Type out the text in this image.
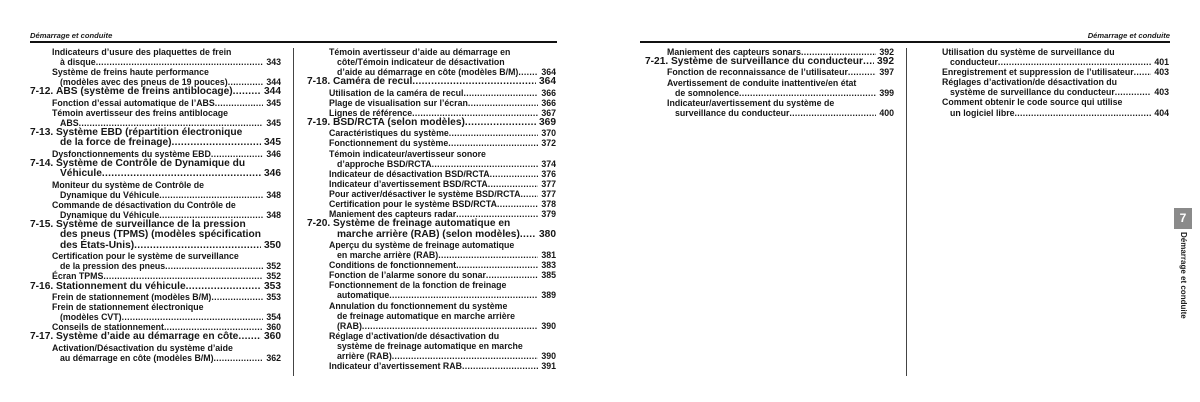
Démarrage et conduite	Démarrage et conduite
Indicateurs d’usure des plaquettes de frein
à disque .....	343
Système de freins haute performance
(modèles avec des pneus de 19 pouces) .....	344
7-12. ABS (système de freins antiblocage) .....	344
Fonction d’essai automatique de l’ABS .....	345
Témoin avertisseur des freins antiblocage
ABS .....	345
7-13. Système EBD (répartition électronique
de la force de freinage) .....	345
Dysfonctionnements du système EBD .....	346
7-14. Système de Contrôle de Dynamique du
Véhicule .....	346
Moniteur du système de Contrôle de
Dynamique du Véhicule .....	348
Commande de désactivation du Contrôle de
Dynamique du Véhicule .....	348
7-15. Système de surveillance de la pression
des pneus (TPMS) (modèles spécification
des États-Unis) .....	350
Certification pour le système de surveillance
de la pression des pneus .....	352
Écran TPMS .....	352
7-16. Stationnement du véhicule .....	353
Frein de stationnement (modèles B/M) .....	353
Frein de stationnement électronique
(modèles CVT) .....	354
Conseils de stationnement .....	360
7-17. Système d’aide au démarrage en côte .....	360
Activation/Désactivation du système d’aide
au démarrage en côte (modèles B/M) .....	362
Témoin avertisseur d’aide au démarrage en
côte/Témoin indicateur de désactivation
d’aide au démarrage en côte (modèles B/M) .....	364
7-18. Caméra de recul .....	364
Utilisation de la caméra de recul .....	366
Plage de visualisation sur l’écran .....	366
Lignes de référence .....	367
7-19. BSD/RCTA (selon modèles) .....	369
Caractéristiques du système .....	370
Fonctionnement du système .....	372
Témoin indicateur/avertisseur sonore
d’approche BSD/RCTA .....	374
Indicateur de désactivation BSD/RCTA .....	376
Indicateur d’avertissement BSD/RCTA .....	377
Pour activer/désactiver le système BSD/RCTA .....	377
Certification pour le système BSD/RCTA .....	378
Maniement des capteurs radar .....	379
7-20. Système de freinage automatique en
marche arrière (RAB) (selon modèles) ..... 380
Aperçu du système de freinage automatique
en marche arrière (RAB) .....	381
Conditions de fonctionnement .....	383
Fonction de l’alarme sonore du sonar .....	385
Fonctionnement de la fonction de freinage
automatique .....	389
Annulation du fonctionnement du système
de freinage automatique en marche arrière
(RAB) .....	390
Réglage d’activation/de désactivation du
système de freinage automatique en marche
arrière (RAB) .....	390
Indicateur d’avertissement RAB .....	391
Maniement des capteurs sonars .....	392
7-21. Système de surveillance du conducteur ..... 392
Fonction de reconnaissance de l’utilisateur .....	397
Avertissement de conduite inattentive/en état
de somnolence .....	399
Indicateur/avertissement du système de
surveillance du conducteur .....	400
Utilisation du système de surveillance du
conducteur .....	401
Enregistrement et suppression de l’utilisateur .....	403
Réglages d’activation/de désactivation du
système de surveillance du conducteur .....	403
Comment obtenir le code source qui utilise
un logiciel libre .....	404
7
Démarrage et conduite
